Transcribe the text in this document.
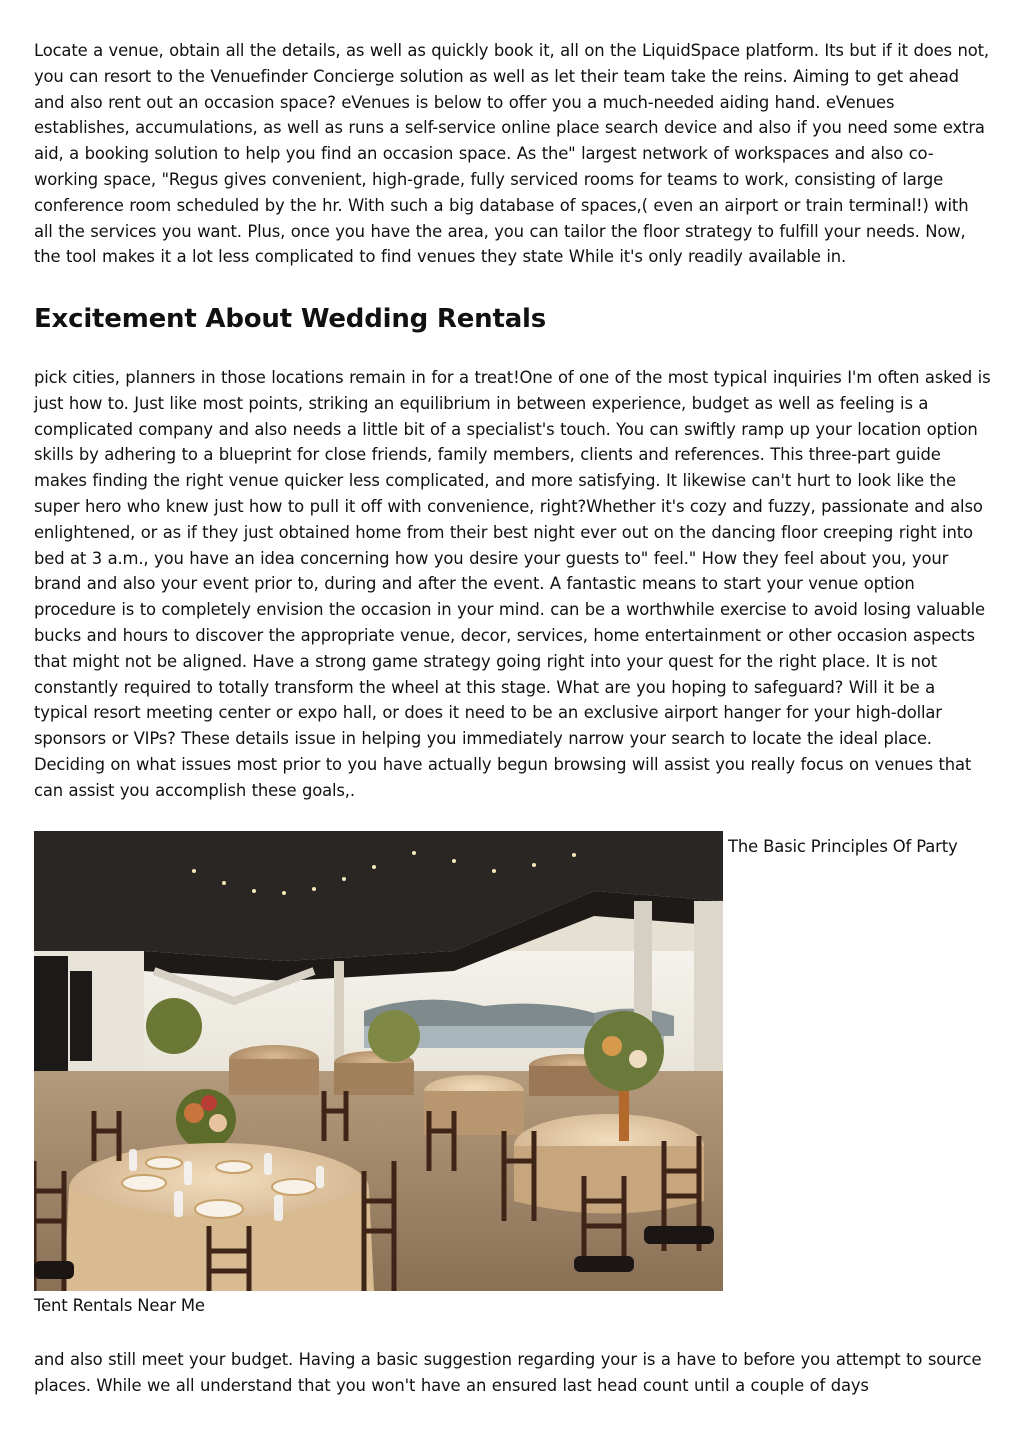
Locate a venue, obtain all the details, as well as quickly book it, all on the LiquidSpace platform. Its but if it does not, you can resort to the Venuefinder Concierge solution as well as let their team take the reins. Aiming to get ahead and also rent out an occasion space? eVenues is below to offer you a much-needed aiding hand. eVenues establishes, accumulations, as well as runs a self-service online place search device and also if you need some extra aid, a booking solution to help you find an occasion space. As the" largest network of workspaces and also co-working space, "Regus gives convenient, high-grade, fully serviced rooms for teams to work, consisting of large conference room scheduled by the hr. With such a big database of spaces,( even an airport or train terminal!) with all the services you want. Plus, once you have the area, you can tailor the floor strategy to fulfill your needs. Now, the tool makes it a lot less complicated to find venues they state While it's only readily available in.

Excitement About Wedding Rentals

pick cities, planners in those locations remain in for a treat!One of one of the most typical inquiries I'm often asked is just how to. Just like most points, striking an equilibrium in between experience, budget as well as feeling is a complicated company and also needs a little bit of a specialist's touch. You can swiftly ramp up your location option skills by adhering to a blueprint for close friends, family members, clients and references. This three-part guide makes finding the right venue quicker less complicated, and more satisfying. It likewise can't hurt to look like the super hero who knew just how to pull it off with convenience, right?Whether it's cozy and fuzzy, passionate and also enlightened, or as if they just obtained home from their best night ever out on the dancing floor creeping right into bed at 3 a.m., you have an idea concerning how you desire your guests to" feel." How they feel about you, your brand and also your event prior to, during and after the event. A fantastic means to start your venue option procedure is to completely envision the occasion in your mind. can be a worthwhile exercise to avoid losing valuable bucks and hours to discover the appropriate venue, decor, services, home entertainment or other occasion aspects that might not be aligned. Have a strong game strategy going right into your quest for the right place. It is not constantly required to totally transform the wheel at this stage. What are you hoping to safeguard? Will it be a typical resort meeting center or expo hall, or does it need to be an exclusive airport hanger for your high-dollar sponsors or VIPs? These details issue in helping you immediately narrow your search to locate the ideal place. Deciding on what issues most prior to you have actually begun browsing will assist you really focus on venues that can assist you accomplish these goals,.

The Basic Principles Of Party
Tent Rentals Near Me

and also still meet your budget. Having a basic suggestion regarding your is a have to before you attempt to source places. While we all understand that you won't have an ensured last head count until a couple of days
